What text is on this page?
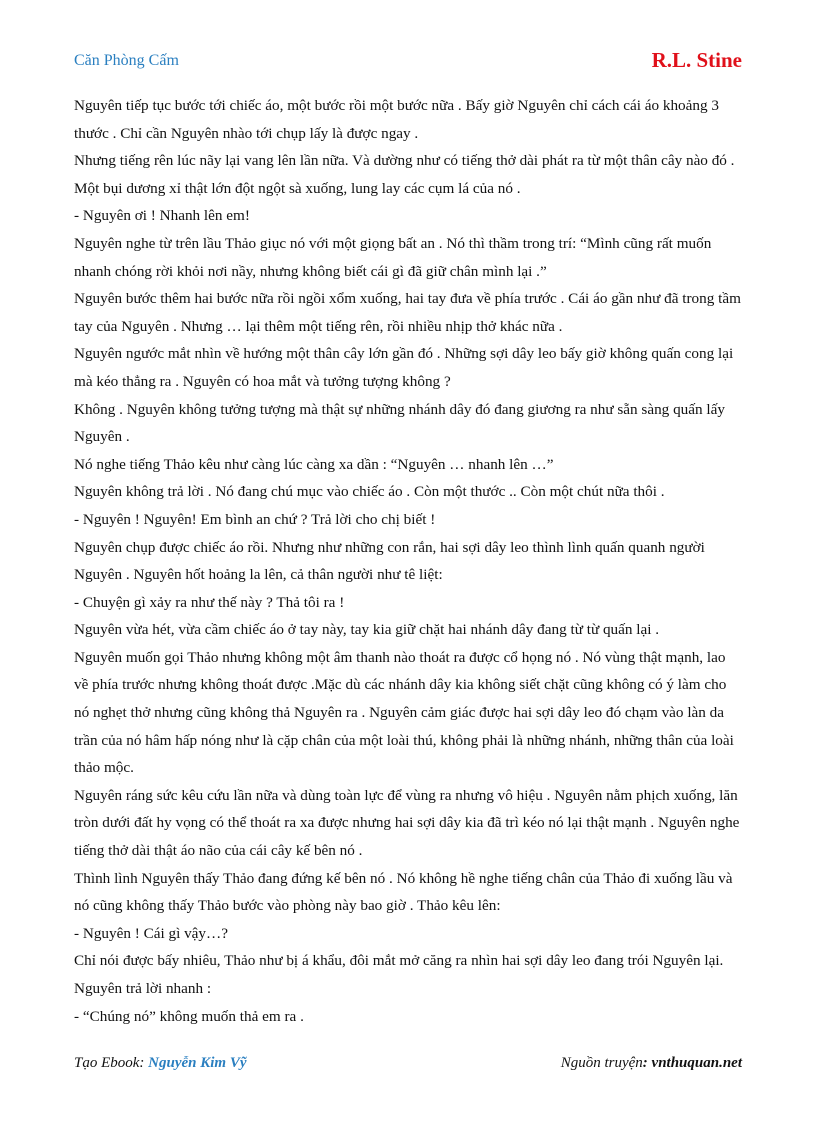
Căn Phòng Cấm	R.L. Stine

Nguyên tiếp tục bước tới chiếc áo, một bước rồi một bước nữa . Bấy giờ Nguyên chỉ cách cái áo khoảng 3 thước . Chỉ cần Nguyên nhào tới chụp lấy là được ngay .

Nhưng tiếng rên lúc nãy lại vang lên lần nữa. Và dường như có tiếng thở dài phát ra từ một thân cây nào đó . Một bụi dương xỉ thật lớn đột ngột sà xuống, lung lay các cụm lá của nó .

- Nguyên ơi ! Nhanh lên em!

Nguyên nghe từ trên lầu Thảo giục nó với một giọng bất an . Nó thì thầm trong trí: “Mình cũng rất muốn nhanh chóng rời khỏi nơi nầy, nhưng không biết cái gì đã giữ chân mình lại .”

Nguyên bước thêm hai bước nữa rồi ngồi xổm xuống, hai tay đưa về phía trước . Cái áo gần như đã trong tầm tay của Nguyên . Nhưng … lại thêm một tiếng rên, rồi nhiều nhịp thở khác nữa .

Nguyên ngước mắt nhìn về hướng một thân cây lớn gần đó . Những sợi dây leo bấy giờ không quấn cong lại mà kéo thẳng ra . Nguyên có hoa mắt và tưởng tượng không ?

Không . Nguyên không tưởng tượng mà thật sự những nhánh dây đó đang giương ra như sẵn sàng quấn lấy Nguyên .

Nó nghe tiếng Thảo kêu như càng lúc càng xa dần : “Nguyên … nhanh lên …”

Nguyên không trả lời . Nó đang chú mục vào chiếc áo . Còn một thước .. Còn một chút nữa thôi .

- Nguyên ! Nguyên! Em bình an chứ ? Trả lời cho chị biết !

Nguyên chụp được chiếc áo rồi. Nhưng như những con rắn, hai sợi dây leo thình lình quấn quanh người Nguyên . Nguyên hốt hoảng la lên, cả thân người như tê liệt:

- Chuyện gì xảy ra như thế này ? Thả tôi ra !

Nguyên vừa hét, vừa cầm chiếc áo ở tay này, tay kia giữ chặt hai nhánh dây đang từ từ quấn lại .

Nguyên muốn gọi Thảo nhưng không một âm thanh nào thoát ra được cổ họng nó . Nó vùng thật mạnh, lao về phía trước nhưng không thoát được .Mặc dù các nhánh dây kia không siết chặt cũng không có ý làm cho nó nghẹt thở nhưng cũng không thả Nguyên ra . Nguyên cảm giác được hai sợi dây leo đó chạm vào làn da trần của nó hâm hấp nóng như là cặp chân của một loài thú, không phải là những nhánh, những thân của loài thảo mộc.

Nguyên ráng sức kêu cứu lần nữa và dùng toàn lực để vùng ra nhưng vô hiệu . Nguyên nằm phịch xuống, lăn tròn dưới đất hy vọng có thể thoát ra xa được nhưng hai sợi dây kia đã trì kéo nó lại thật mạnh . Nguyên nghe tiếng thở dài thật áo não của cái cây kế bên nó .

Thình lình Nguyên thấy Thảo đang đứng kế bên nó . Nó không hề nghe tiếng chân của Thảo đi xuống lầu và nó cũng không thấy Thảo bước vào phòng này bao giờ . Thảo kêu lên:

- Nguyên ! Cái gì vậy…?

Chỉ nói được bấy nhiêu, Thảo như bị á khẩu, đôi mắt mở căng ra nhìn hai sợi dây leo đang trói Nguyên lại. Nguyên trả lời nhanh :

- “Chúng nó” không muốn thả em ra .

Tạo Ebook: Nguyễn Kim Vỹ	Nguồn truyện: vnthuquan.net
